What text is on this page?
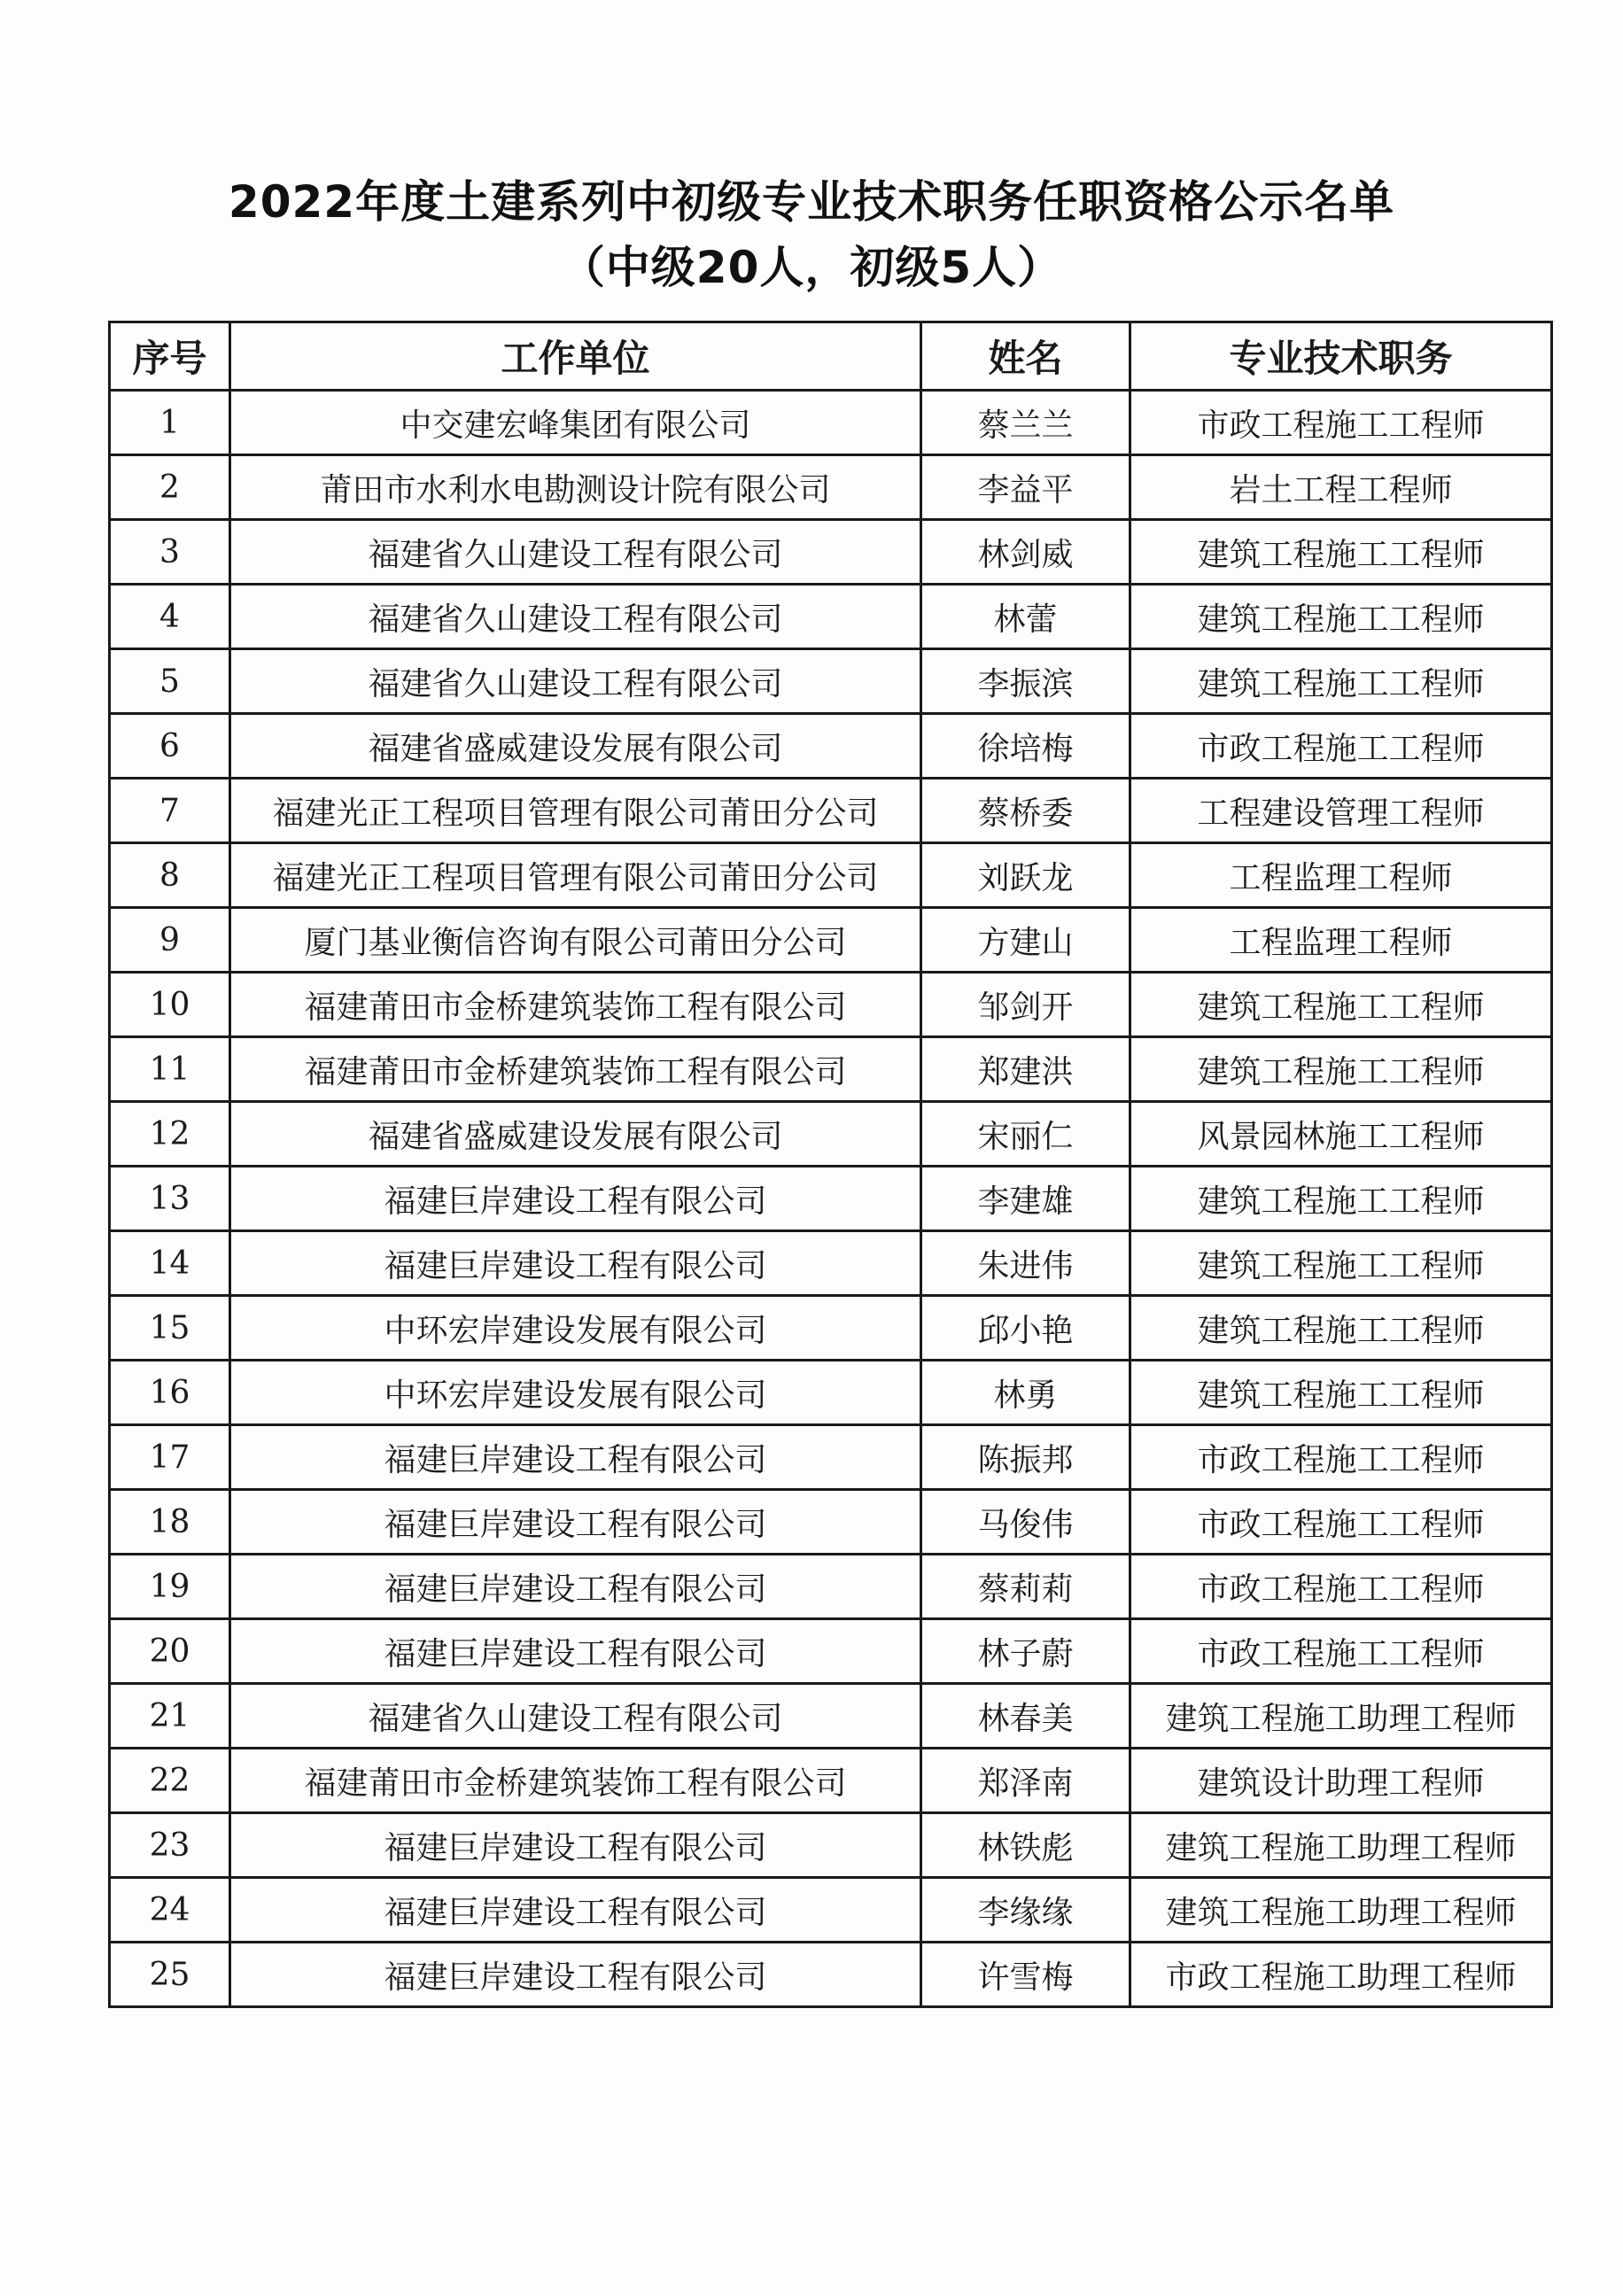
2022年度土建系列中初级专业技术职务任职资格公示名单
（中级20人，初级5人）
序号	工作单位	姓名	专业技术职务
1	中交建宏峰集团有限公司	蔡兰兰	市政工程施工工程师
2	莆田市水利水电勘测设计院有限公司	李益平	岩土工程工程师
3	福建省久山建设工程有限公司	林剑威	建筑工程施工工程师
4	福建省久山建设工程有限公司	林蕾	建筑工程施工工程师
5	福建省久山建设工程有限公司	李振滨	建筑工程施工工程师
6	福建省盛威建设发展有限公司	徐培梅	市政工程施工工程师
7	福建光正工程项目管理有限公司莆田分公司	蔡桥委	工程建设管理工程师
8	福建光正工程项目管理有限公司莆田分公司	刘跃龙	工程监理工程师
9	厦门基业衡信咨询有限公司莆田分公司	方建山	工程监理工程师
10	福建莆田市金桥建筑装饰工程有限公司	邹剑开	建筑工程施工工程师
11	福建莆田市金桥建筑装饰工程有限公司	郑建洪	建筑工程施工工程师
12	福建省盛威建设发展有限公司	宋丽仁	风景园林施工工程师
13	福建巨岸建设工程有限公司	李建雄	建筑工程施工工程师
14	福建巨岸建设工程有限公司	朱进伟	建筑工程施工工程师
15	中环宏岸建设发展有限公司	邱小艳	建筑工程施工工程师
16	中环宏岸建设发展有限公司	林勇	建筑工程施工工程师
17	福建巨岸建设工程有限公司	陈振邦	市政工程施工工程师
18	福建巨岸建设工程有限公司	马俊伟	市政工程施工工程师
19	福建巨岸建设工程有限公司	蔡莉莉	市政工程施工工程师
20	福建巨岸建设工程有限公司	林子蔚	市政工程施工工程师
21	福建省久山建设工程有限公司	林春美	建筑工程施工助理工程师
22	福建莆田市金桥建筑装饰工程有限公司	郑泽南	建筑设计助理工程师
23	福建巨岸建设工程有限公司	林铁彪	建筑工程施工助理工程师
24	福建巨岸建设工程有限公司	李缘缘	建筑工程施工助理工程师
25	福建巨岸建设工程有限公司	许雪梅	市政工程施工助理工程师
